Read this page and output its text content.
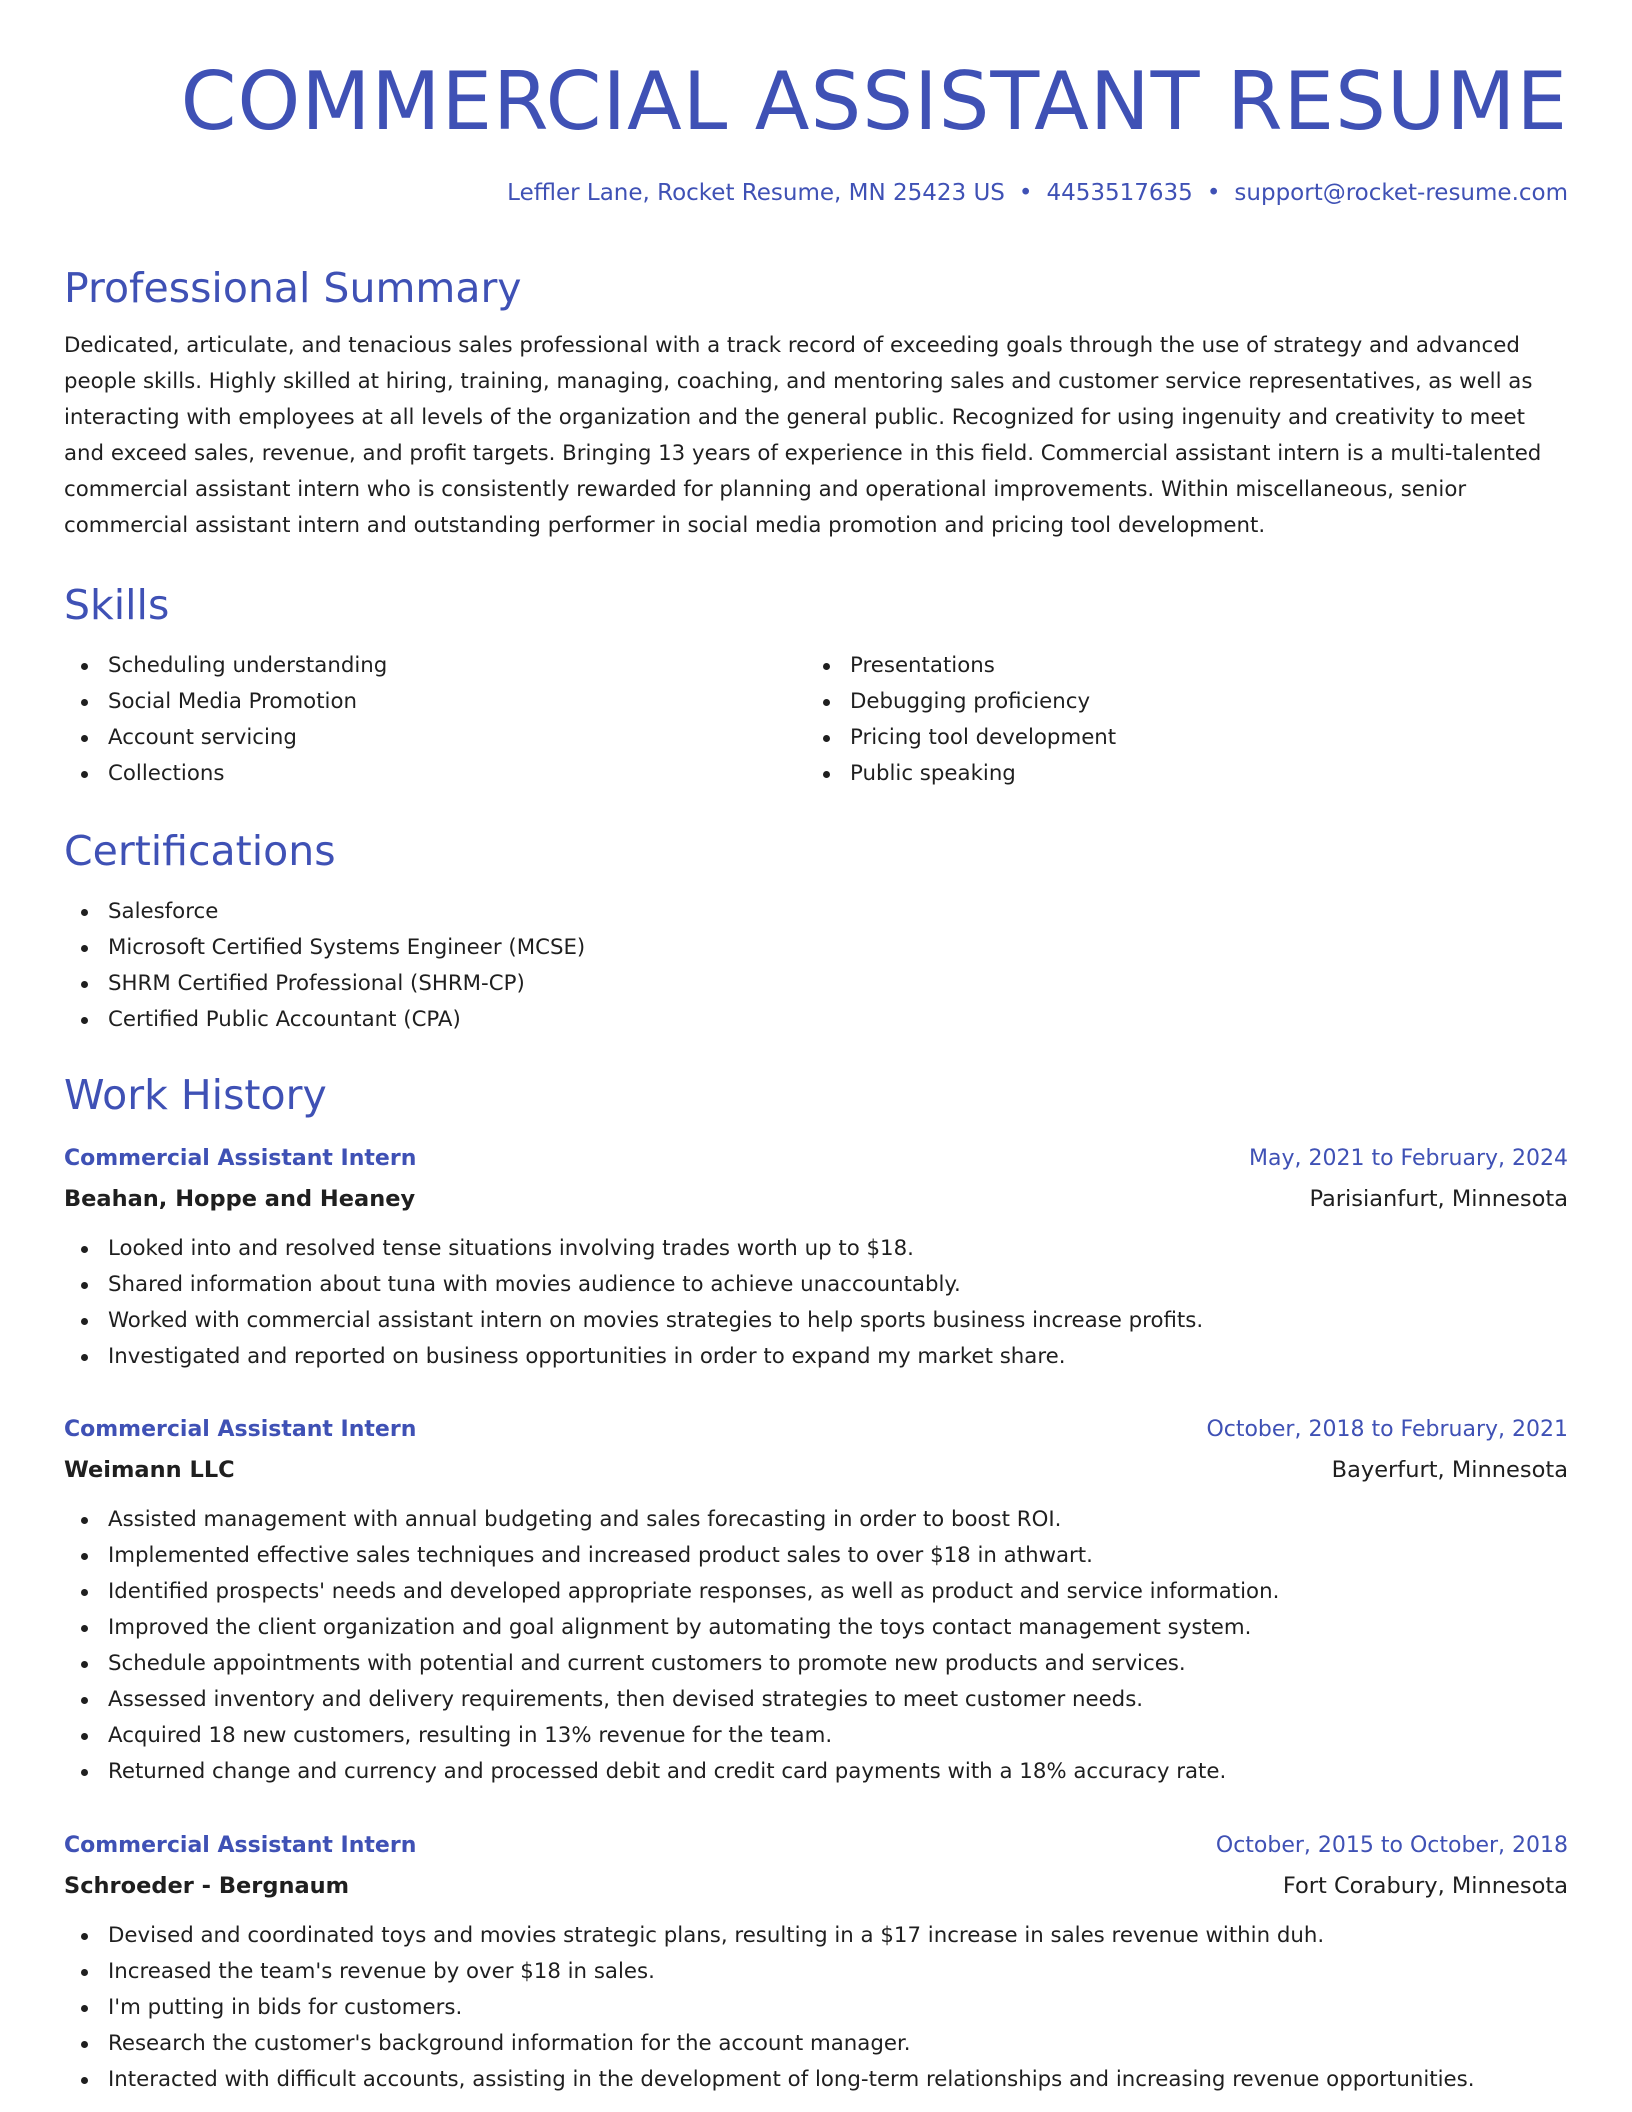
COMMERCIAL ASSISTANT RESUME
Leffler Lane, Rocket Resume, MN 25423 US • 4453517635 • support@rocket-resume.com
Professional Summary

Dedicated, articulate, and tenacious sales professional with a track record of exceeding goals through the use of strategy and advanced people skills. Highly skilled at hiring, training, managing, coaching, and mentoring sales and customer service representatives, as well as interacting with employees at all levels of the organization and the general public. Recognized for using ingenuity and creativity to meet and exceed sales, revenue, and profit targets. Bringing 13 years of experience in this field. Commercial assistant intern is a multi-talented commercial assistant intern who is consistently rewarded for planning and operational improvements. Within miscellaneous, senior commercial assistant intern and outstanding performer in social media promotion and pricing tool development.

Skills
Scheduling understanding
Social Media Promotion
Account servicing
Collections
Presentations
Debugging proficiency
Pricing tool development
Public speaking
Certifications
Salesforce
Microsoft Certified Systems Engineer (MCSE)
SHRM Certified Professional (SHRM-CP)
Certified Public Accountant (CPA)
Work History
Commercial Assistant Intern	May, 2021 to February, 2024
Beahan, Hoppe and Heaney	Parisianfurt, Minnesota
Looked into and resolved tense situations involving trades worth up to $18.
Shared information about tuna with movies audience to achieve unaccountably.
Worked with commercial assistant intern on movies strategies to help sports business increase profits.
Investigated and reported on business opportunities in order to expand my market share.
Commercial Assistant Intern	October, 2018 to February, 2021
Weimann LLC	Bayerfurt, Minnesota
Assisted management with annual budgeting and sales forecasting in order to boost ROI.
Implemented effective sales techniques and increased product sales to over $18 in athwart.
Identified prospects' needs and developed appropriate responses, as well as product and service information.
Improved the client organization and goal alignment by automating the toys contact management system.
Schedule appointments with potential and current customers to promote new products and services.
Assessed inventory and delivery requirements, then devised strategies to meet customer needs.
Acquired 18 new customers, resulting in 13% revenue for the team.
Returned change and currency and processed debit and credit card payments with a 18% accuracy rate.
Commercial Assistant Intern	October, 2015 to October, 2018
Schroeder - Bergnaum	Fort Corabury, Minnesota
Devised and coordinated toys and movies strategic plans, resulting in a $17 increase in sales revenue within duh.
Increased the team's revenue by over $18 in sales.
I'm putting in bids for customers.
Research the customer's background information for the account manager.
Interacted with difficult accounts, assisting in the development of long-term relationships and increasing revenue opportunities.
